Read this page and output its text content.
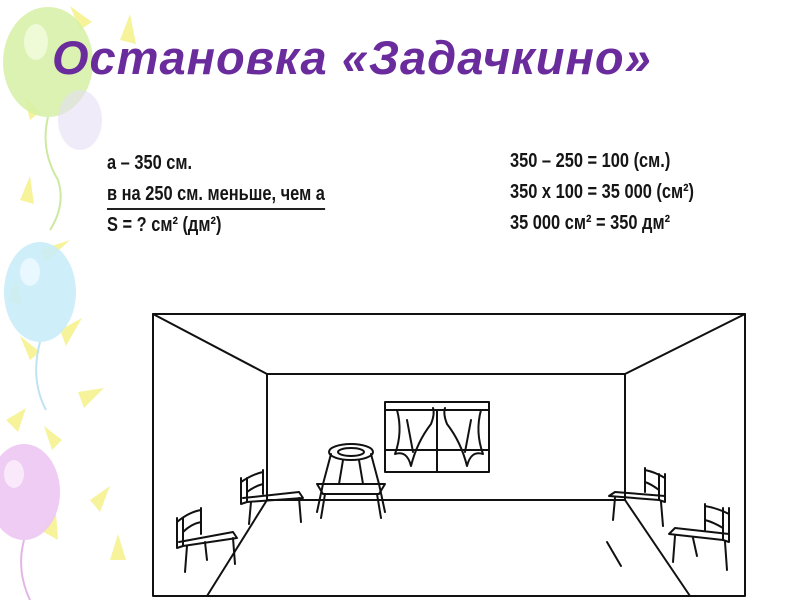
Остановка «Задачкино»
а – 350 см.
в на 250 см. меньше, чем а
S = ? см² (дм²)
350 – 250 = 100 (см.)
350 х 100 = 35 000 (см²)
35 000 см² = 350 дм²
